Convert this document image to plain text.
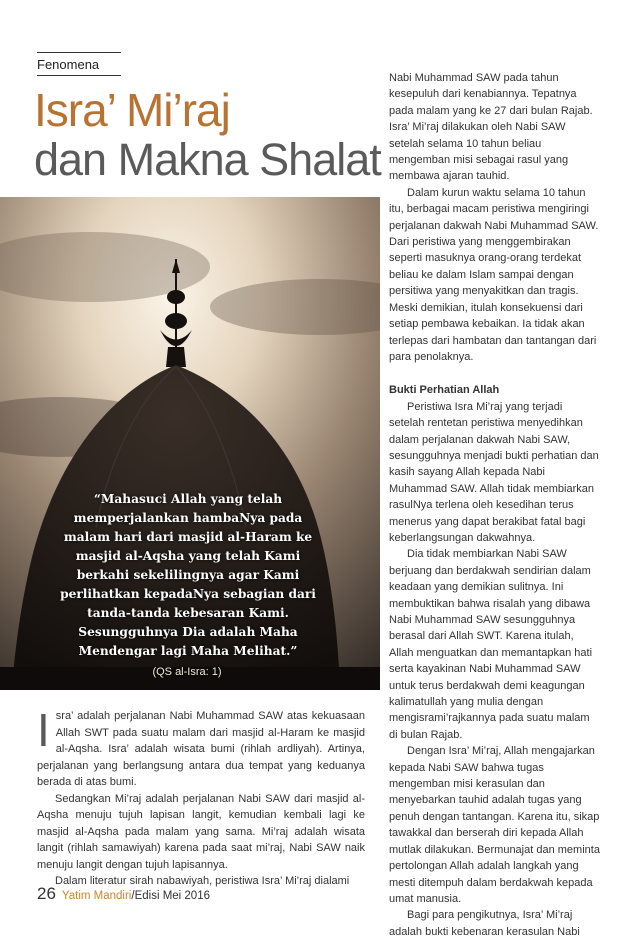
Fenomena
Isra’ Mi’raj
dan Makna Shalat
“Mahasuci Allah yang telah memperjalankan hambaNya pada malam hari dari masjid al-Haram ke masjid al-Aqsha yang telah Kami berkahi sekelilingnya agar Kami perlihatkan kepadaNya sebagian dari tanda-tanda kebesaran Kami. Sesungguhnya Dia adalah Maha Mendengar lagi Maha Melihat.”
(QS al-Isra: 1)
I sra’ adalah perjalanan Nabi Muhammad SAW atas kekuasaan Allah SWT pada suatu malam dari masjid al-Haram ke masjid al-Aqsha. Isra’ adalah wisata bumi (rihlah ardliyah). Artinya, perjalanan yang berlangsung antara dua tempat yang keduanya berada di atas bumi.

Sedangkan Mi’raj adalah perjalanan Nabi SAW dari masjid al-Aqsha menuju tujuh lapisan langit, kemudian kembali lagi ke masjid al-Aqsha pada malam yang sama. Mi’raj adalah wisata langit (rihlah samawiyah) karena pada saat mi’raj, Nabi SAW naik menuju langit dengan tujuh lapisannya.

Dalam literatur sirah nabawiyah, peristiwa Isra’ Mi’raj dialami

Nabi Muhammad SAW pada tahun kesepuluh dari kenabiannya. Tepatnya pada malam yang ke 27 dari bulan Rajab. Isra’ Mi’raj dilakukan oleh Nabi SAW setelah selama 10 tahun beliau mengemban misi sebagai rasul yang membawa ajaran tauhid.

Dalam kurun waktu selama 10 tahun itu, berbagai macam peristiwa mengiringi perjalanan dakwah Nabi Muhammad SAW. Dari peristiwa yang menggembirakan seperti masuknya orang-orang terdekat beliau ke dalam Islam sampai dengan persitiwa yang menyakitkan dan tragis. Meski demikian, itulah konsekuensi dari setiap pembawa kebaikan. Ia tidak akan terlepas dari hambatan dan tantangan dari para penolaknya.

Bukti Perhatian Allah

Peristiwa Isra Mi’raj yang terjadi setelah rentetan peristiwa menyedihkan dalam perjalanan dakwah Nabi SAW, sesungguhnya menjadi bukti perhatian dan kasih sayang Allah kepada Nabi Muhammad SAW. Allah tidak membiarkan rasulNya terlena oleh kesedihan terus menerus yang dapat berakibat fatal bagi keberlangsungan dakwahnya.

Dia tidak membiarkan Nabi SAW berjuang dan berdakwah sendirian dalam keadaan yang demikian sulitnya. Ini membuktikan bahwa risalah yang dibawa Nabi Muhammad SAW sesungguhnya berasal dari Allah SWT. Karena itulah, Allah menguatkan dan memantapkan hati serta kayakinan Nabi Muhammad SAW untuk terus berdakwah demi keagungan kalimatullah yang mulia dengan mengisrami’rajkannya pada suatu malam di bulan Rajab.

Dengan Isra’ Mi’raj, Allah mengajarkan kepada Nabi SAW bahwa tugas mengemban misi kerasulan dan menyebarkan tauhid adalah tugas yang penuh dengan tantangan. Karena itu, sikap tawakkal dan berserah diri kepada Allah mutlak dilakukan. Bermunajat dan meminta pertolongan Allah adalah langkah yang mesti ditempuh dalam berdakwah kepada umat manusia.

Bagi para pengikutnya, Isra’ Mi’raj adalah bukti kebenaran kerasulan Nabi

26 Yatim Mandiri/Edisi Mei 2016
